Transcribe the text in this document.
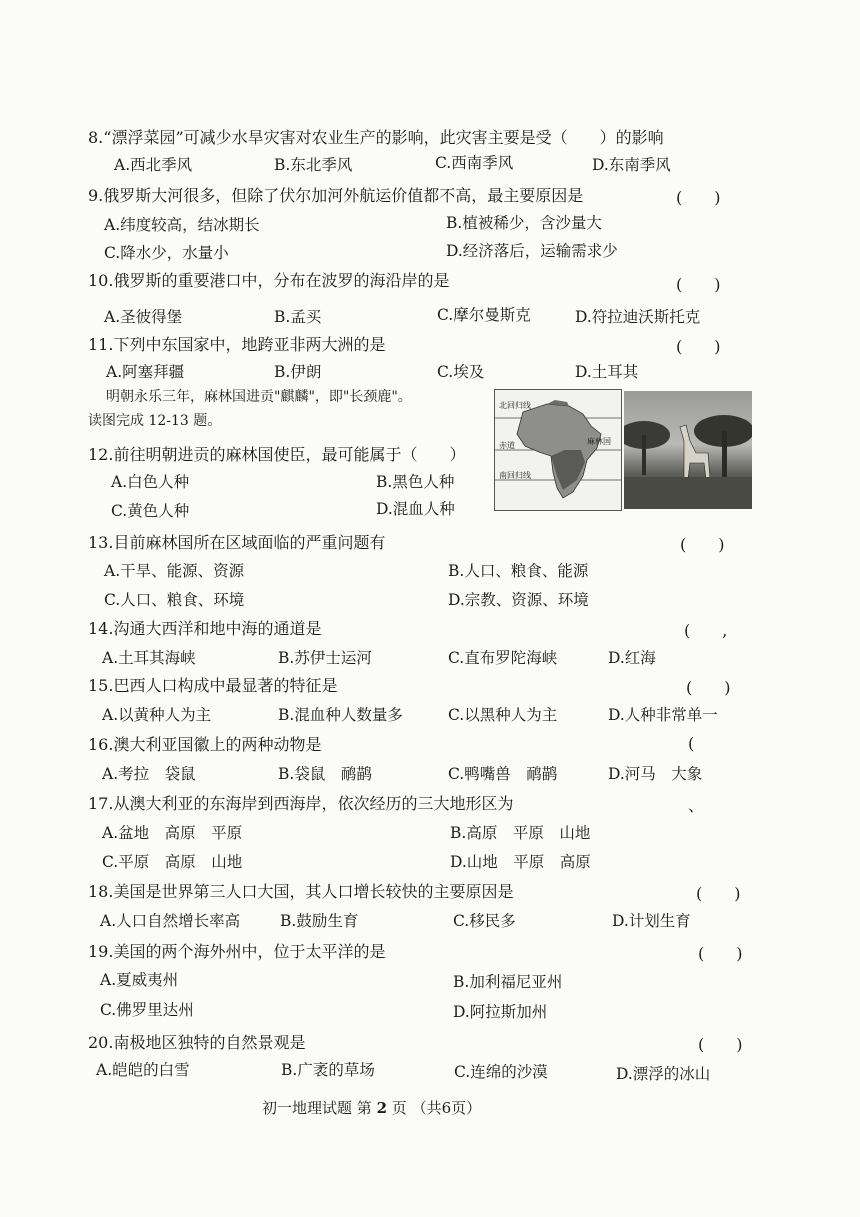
8.“漂浮菜园”可减少水旱灾害对农业生产的影响，此灾害主要是受（　　）的影响
A.西北季风	B.东北季风	C.西南季风	D.东南季风
9.俄罗斯大河很多，但除了伏尔加河外航运价值都不高，最主要原因是	(　　)
A.纬度较高，结冰期长	B.植被稀少，含沙量大
C.降水少，水量小	D.经济落后，运输需求少
10.俄罗斯的重要港口中，分布在波罗的海沿岸的是	(　　)
A.圣彼得堡	B.孟买	C.摩尔曼斯克	D.符拉迪沃斯托克
11.下列中东国家中，地跨亚非两大洲的是	(　　)
A.阿塞拜疆	B.伊朗	C.埃及	D.土耳其
明朝永乐三年，麻林国进贡"麒麟"，即"长颈鹿"。
读图完成 12-13 题。
北回归线
赤道	麻林国
南回归线
12.前往明朝进贡的麻林国使臣，最可能属于（　　）
A.白色人种	B.黑色人种
C.黄色人种	D.混血人种
13.目前麻林国所在区域面临的严重问题有	(　　)
A.干旱、能源、资源	B.人口、粮食、能源
C.人口、粮食、环境	D.宗教、资源、环境
14.沟通大西洋和地中海的通道是	(　　,
A.土耳其海峡	B.苏伊士运河	C.直布罗陀海峡	D.红海
15.巴西人口构成中最显著的特征是	(　　)
A.以黄种人为主	B.混血种人数量多	C.以黑种人为主	D.人种非常单一
16.澳大利亚国徽上的两种动物是	(
A.考拉　袋鼠	B.袋鼠　鸸鹋	C.鸭嘴兽　鸸鹋	D.河马　大象
17.从澳大利亚的东海岸到西海岸，依次经历的三大地形区为	、
A.盆地　高原　平原	B.高原　平原　山地
C.平原　高原　山地	D.山地　平原　高原
18.美国是世界第三人口大国，其人口增长较快的主要原因是	(　　)
A.人口自然增长率高	B.鼓励生育	C.移民多	D.计划生育
19.美国的两个海外州中，位于太平洋的是	(　　)
A.夏威夷州	B.加利福尼亚州
C.佛罗里达州	D.阿拉斯加州
20.南极地区独特的自然景观是	(　　)
A.皑皑的白雪	B.广袤的草场	C.连绵的沙漠	D.漂浮的冰山
初一地理试题 第 2 页 （共6页）
